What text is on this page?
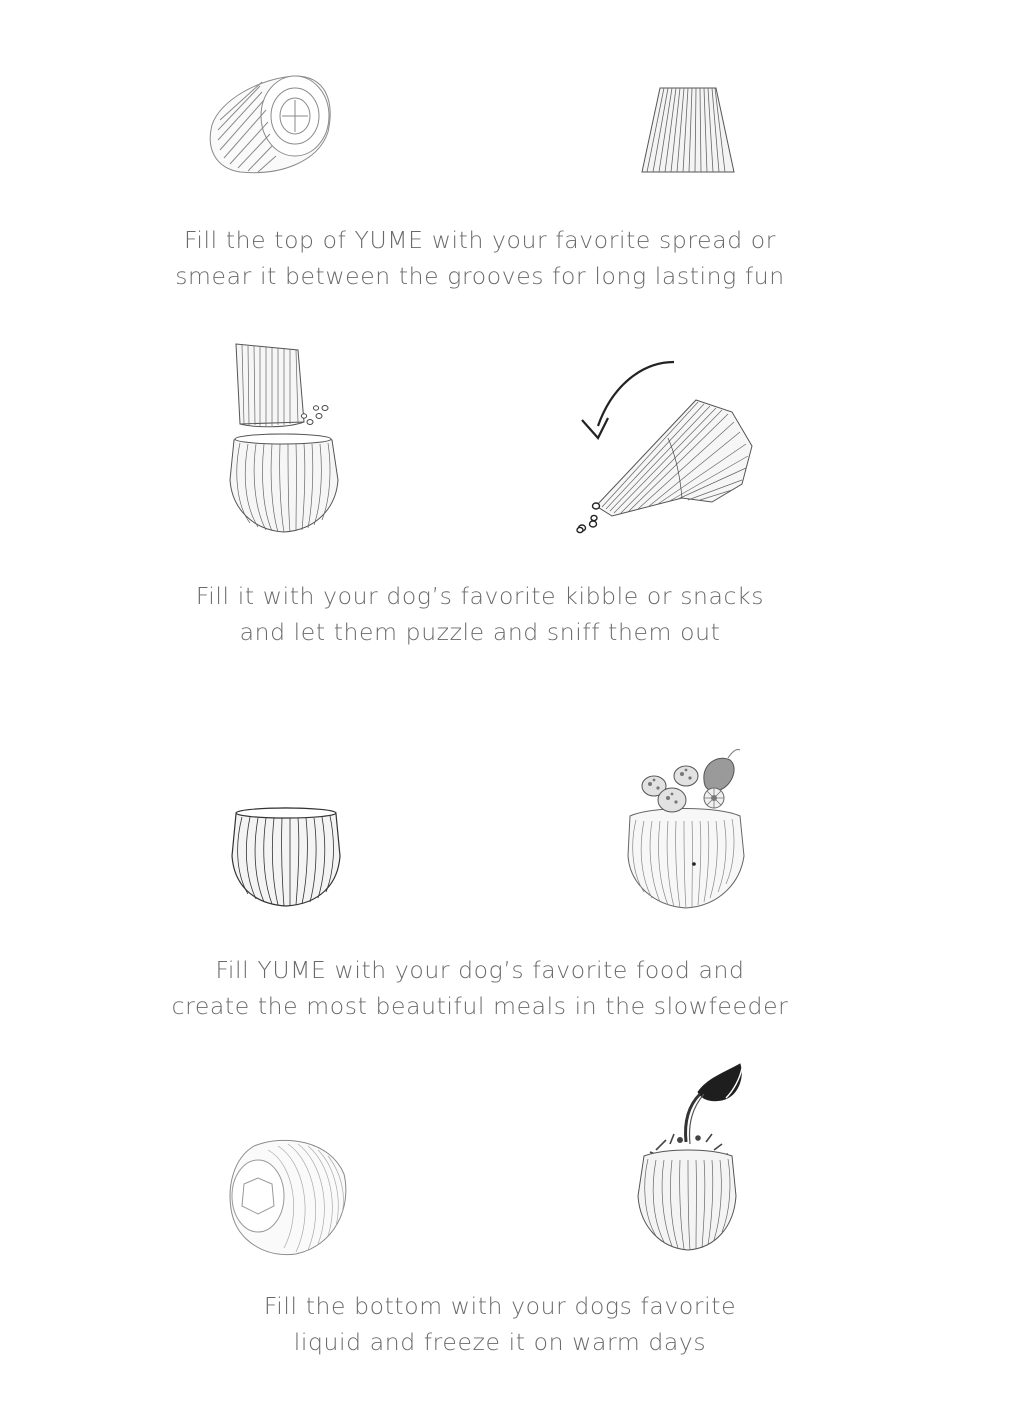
Fill the top of YUME with your favorite spread or
smear it between the grooves for long lasting fun
Fill it with your dog’s favorite kibble or snacks
and let them puzzle and sniff them out
Fill YUME with your dog’s favorite food and
create the most beautiful meals in the slowfeeder
Fill the bottom with your dogs favorite
liquid and freeze it on warm days
